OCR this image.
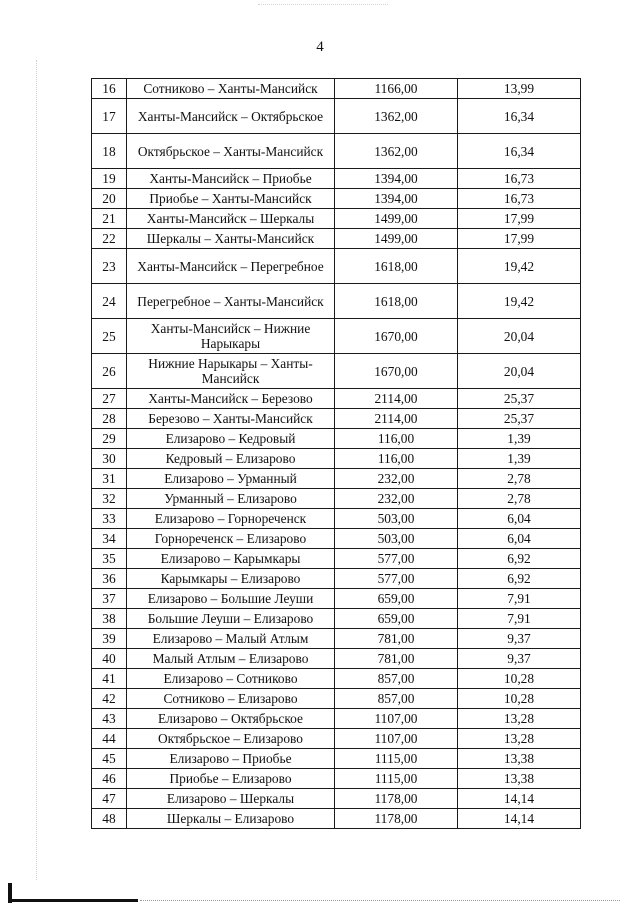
4
16	Сотниково – Ханты-Мансийск	1166,00	13,99
17	Ханты-Мансийск – Октябрьское	1362,00	16,34
18	Октябрьское – Ханты-Мансийск	1362,00	16,34
19	Ханты-Мансийск – Приобье	1394,00	16,73
20	Приобье – Ханты-Мансийск	1394,00	16,73
21	Ханты-Мансийск – Шеркалы	1499,00	17,99
22	Шеркалы – Ханты-Мансийск	1499,00	17,99
23	Ханты-Мансийск – Перегребное	1618,00	19,42
24	Перегребное – Ханты-Мансийск	1618,00	19,42
25	Ханты-Мансийск – Нижние Нарыкары	1670,00	20,04
26	Нижние Нарыкары – Ханты-Мансийск	1670,00	20,04
27	Ханты-Мансийск – Березово	2114,00	25,37
28	Березово – Ханты-Мансийск	2114,00	25,37
29	Елизарово – Кедровый	116,00	1,39
30	Кедровый – Елизарово	116,00	1,39
31	Елизарово – Урманный	232,00	2,78
32	Урманный – Елизарово	232,00	2,78
33	Елизарово – Горнореченск	503,00	6,04
34	Горнореченск – Елизарово	503,00	6,04
35	Елизарово – Карымкары	577,00	6,92
36	Карымкары – Елизарово	577,00	6,92
37	Елизарово – Большие Леуши	659,00	7,91
38	Большие Леуши – Елизарово	659,00	7,91
39	Елизарово – Малый Атлым	781,00	9,37
40	Малый Атлым – Елизарово	781,00	9,37
41	Елизарово – Сотниково	857,00	10,28
42	Сотниково – Елизарово	857,00	10,28
43	Елизарово – Октябрьское	1107,00	13,28
44	Октябрьское – Елизарово	1107,00	13,28
45	Елизарово – Приобье	1115,00	13,38
46	Приобье – Елизарово	1115,00	13,38
47	Елизарово – Шеркалы	1178,00	14,14
48	Шеркалы – Елизарово	1178,00	14,14
